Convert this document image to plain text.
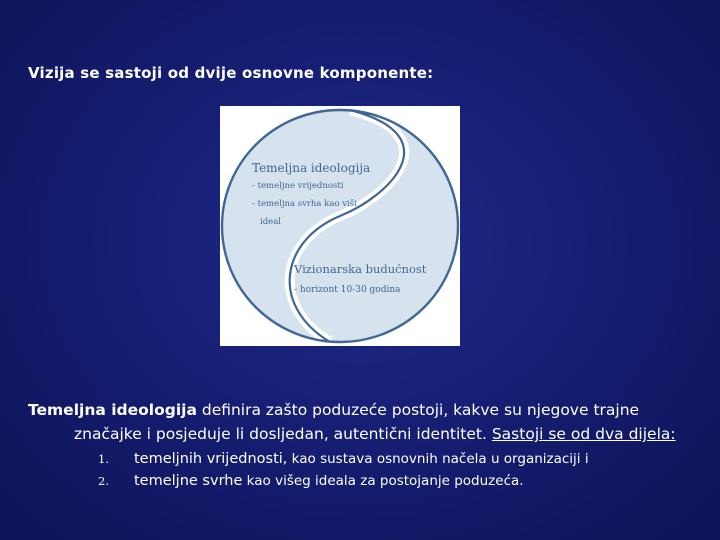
Vizija se sastoji od dvije osnovne komponente:
Temeljna ideologija
- temeljne vrijednosti
- temeljna svrha kao viši
ideal
Vizionarska budućnost
- horizont 10-30 godina
Temeljna ideologija definira zašto poduzeće postoji, kakve su njegove trajne
značajke i posjeduje li dosljedan, autentični identitet. Sastoji se od dva dijela:
1.	temeljnih vrijednosti, kao sustava osnovnih načela u organizaciji i
2.	temeljne svrhe kao višeg ideala za postojanje poduzeća.
